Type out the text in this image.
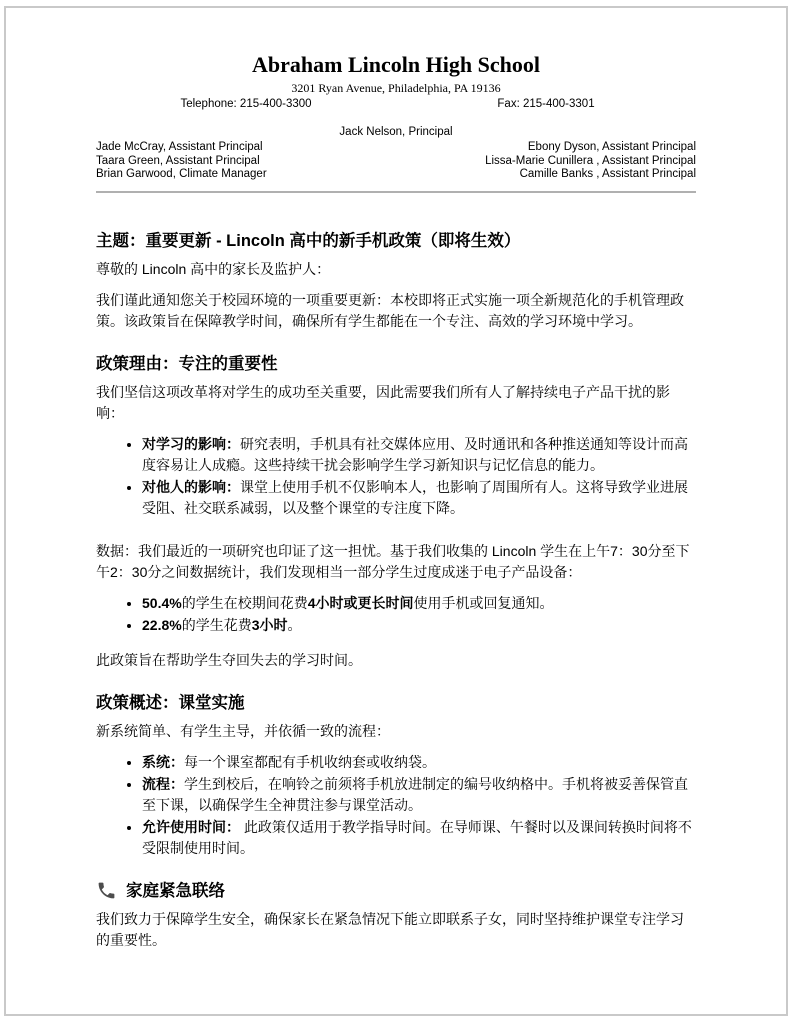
Abraham Lincoln High School
3201 Ryan Avenue, Philadelphia, PA 19136
Telephone: 215-400-3300	Fax: 215-400-3301
Jack Nelson, Principal
Jade McCray, Assistant Principal
Taara Green, Assistant Principal
Brian Garwood, Climate Manager
Ebony Dyson, Assistant Principal
Lissa-Marie Cunillera , Assistant Principal
Camille Banks , Assistant Principal
主题：重要更新 - Lincoln 高中的新手机政策（即将生效）

尊敬的 Lincoln 高中的家长及监护人：

我们谨此通知您关于校园环境的一项重要更新：本校即将正式实施一项全新规范化的手机管理政策。该政策旨在保障教学时间，确保所有学生都能在一个专注、高效的学习环境中学习。

政策理由：专注的重要性

我们坚信这项改革将对学生的成功至关重要，因此需要我们所有人了解持续电子产品干扰的影响：

• 对学习的影响：研究表明，手机具有社交媒体应用、及时通讯和各种推送通知等设计而高度容易让人成瘾。这些持续干扰会影响学生学习新知识与记忆信息的能力。
• 对他人的影响：课堂上使用手机不仅影响本人，也影响了周围所有人。这将导致学业进展受阻、社交联系减弱，以及整个课堂的专注度下降。

数据：我们最近的一项研究也印证了这一担忧。基于我们收集的 Lincoln 学生在上午7：30分至下午2：30分之间数据统计，我们发现相当一部分学生过度成迷于电子产品设备：

• 50.4%的学生在校期间花费4小时或更长时间使用手机或回复通知。
• 22.8%的学生花费3小时。

此政策旨在帮助学生夺回失去的学习时间。

政策概述：课堂实施

新系统简单、有学生主导，并依循一致的流程：

• 系统：每一个课室都配有手机收纳套或收纳袋。
• 流程：学生到校后，在响铃之前须将手机放进制定的编号收纳格中。手机将被妥善保管直至下课，以确保学生全神贯注参与课堂活动。
• 允许使用时间： 此政策仅适用于教学指导时间。在导师课、午餐时以及课间转换时间将不受限制使用时间。
家庭紧急联络

我们致力于保障学生安全，确保家长在紧急情况下能立即联系子女，同时坚持维护课堂专注学习的重要性。
